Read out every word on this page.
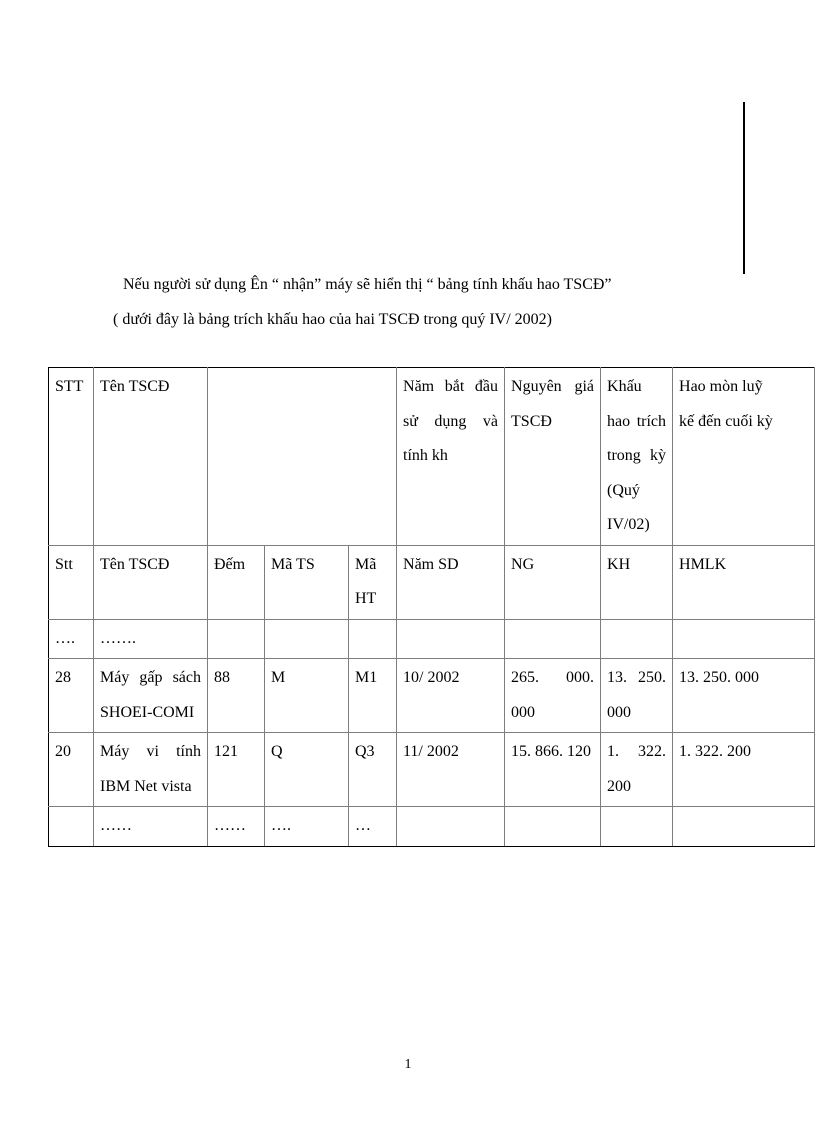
Nếu người sử dụng Ên “ nhận” máy sẽ hiển thị “ bảng tính khấu hao TSCĐ”
( dưới đây là bảng trích khấu hao của hai TSCĐ trong quý IV/ 2002)
STT	Tên TSCĐ				Năm bắt đầu sử dụng và tính kh	Nguyên giá TSCĐ	Khấu hao trích trong kỳ (Quý IV/02)	Hao mòn luỹ kế đến cuối kỳ
Stt	Tên TSCĐ	Đếm	Mã TS	Mã HT	Năm SD	NG	KH	HMLK
….	…….							
28	Máy gấp sách SHOEI-COMI	88	M	M1	10/ 2002	265. 000. 000	13. 250. 000	13. 250. 000
20	Máy vi tính IBM Net vista	121	Q	Q3	11/ 2002	15. 866. 120	1. 322. 200	1. 322. 200
	……	……	….	…				
1
